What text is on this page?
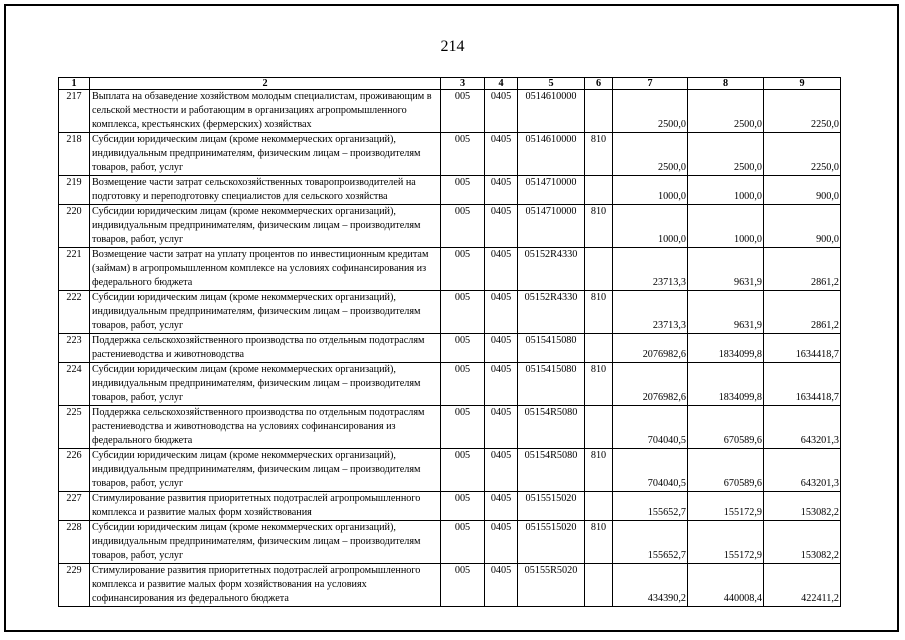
214
1	2	3	4	5	6	7	8	9
217	Выплата на обзаведение хозяйством молодым специалистам, проживающим в сельской местности и работающим в организациях агропромышленного комплекса, крестьянских (фермерских) хозяйствах	005	0405	0514610000		2500,0	2500,0	2250,0
218	Субсидии юридическим лицам (кроме некоммерческих организаций), индивидуальным предпринимателям, физическим лицам – производителям товаров, работ, услуг	005	0405	0514610000	810	2500,0	2500,0	2250,0
219	Возмещение части затрат сельскохозяйственных товаропроизводителей на подготовку и переподготовку специалистов для сельского хозяйства	005	0405	0514710000		1000,0	1000,0	900,0
220	Субсидии юридическим лицам (кроме некоммерческих организаций), индивидуальным предпринимателям, физическим лицам – производителям товаров, работ, услуг	005	0405	0514710000	810	1000,0	1000,0	900,0
221	Возмещение части затрат на уплату процентов по инвестиционным кредитам (займам) в агропромышленном комплексе на условиях софинансирования из федерального бюджета	005	0405	05152R4330		23713,3	9631,9	2861,2
222	Субсидии юридическим лицам (кроме некоммерческих организаций), индивидуальным предпринимателям, физическим лицам – производителям товаров, работ, услуг	005	0405	05152R4330	810	23713,3	9631,9	2861,2
223	Поддержка сельскохозяйственного производства по отдельным подотраслям растениеводства и животноводства	005	0405	0515415080		2076982,6	1834099,8	1634418,7
224	Субсидии юридическим лицам (кроме некоммерческих организаций), индивидуальным предпринимателям, физическим лицам – производителям товаров, работ, услуг	005	0405	0515415080	810	2076982,6	1834099,8	1634418,7
225	Поддержка сельскохозяйственного производства по отдельным подотраслям растениеводства и животноводства на условиях софинансирования из федерального бюджета	005	0405	05154R5080		704040,5	670589,6	643201,3
226	Субсидии юридическим лицам (кроме некоммерческих организаций), индивидуальным предпринимателям, физическим лицам – производителям товаров, работ, услуг	005	0405	05154R5080	810	704040,5	670589,6	643201,3
227	Стимулирование развития приоритетных подотраслей агропромышленного комплекса и развитие малых форм хозяйствования	005	0405	0515515020		155652,7	155172,9	153082,2
228	Субсидии юридическим лицам (кроме некоммерческих организаций), индивидуальным предпринимателям, физическим лицам – производителям товаров, работ, услуг	005	0405	0515515020	810	155652,7	155172,9	153082,2
229	Стимулирование развития приоритетных подотраслей агропромышленного комплекса и развитие малых форм хозяйствования на условиях софинансирования из федерального бюджета	005	0405	05155R5020		434390,2	440008,4	422411,2
